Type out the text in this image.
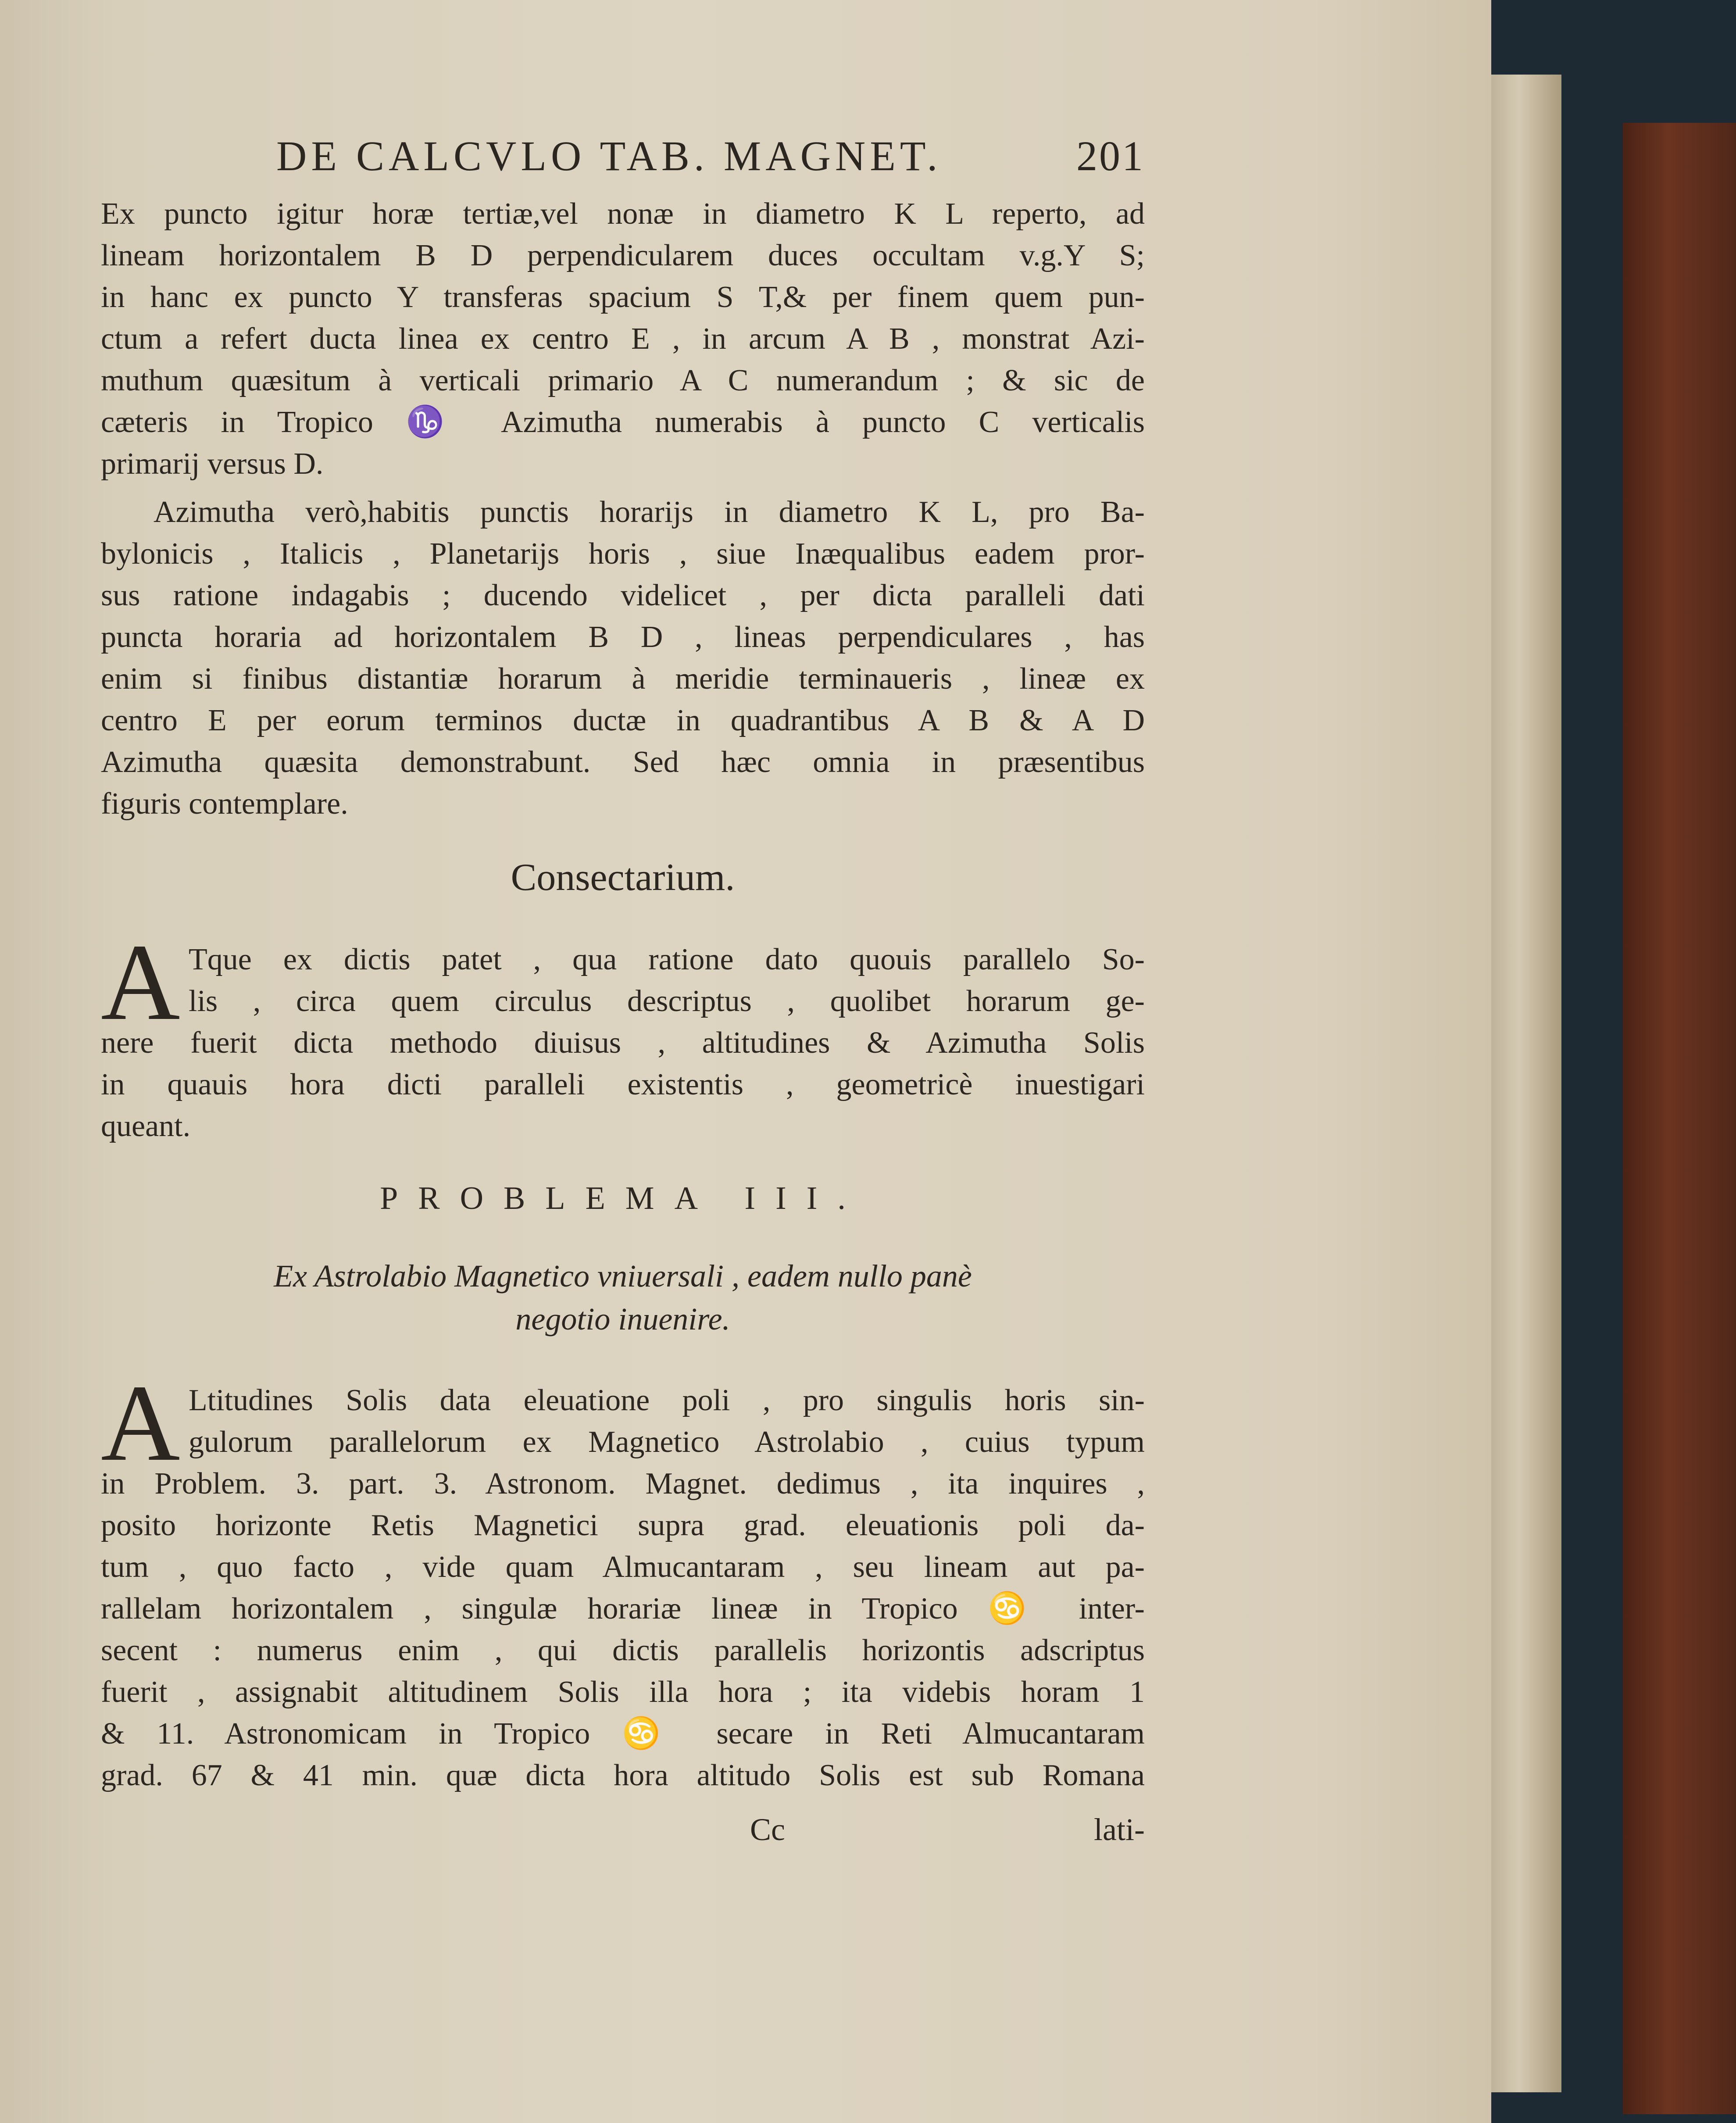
DE CALCVLO TAB. MAGNET.	201
Ex puncto igitur horæ tertiæ,vel nonæ in diametro K L reperto, ad
lineam horizontalem B D perpendicularem duces occultam v.g.Y S;
in hanc ex puncto Y transferas spacium S T,& per finem quem pun-
ctum a refert ducta linea ex centro E , in arcum A B , monstrat Azi-
muthum quæsitum à verticali primario A C numerandum ; & sic de
cæteris in Tropico ♑ Azimutha numerabis à puncto C verticalis
primarij versus D.
Azimutha verò,habitis punctis horarijs in diametro K L, pro Ba-
bylonicis , Italicis , Planetarijs horis , siue Inæqualibus eadem pror-
sus ratione indagabis ; ducendo videlicet , per dicta paralleli dati
puncta horaria ad horizontalem B D , lineas perpendiculares , has
enim si finibus distantiæ horarum à meridie terminaueris , lineæ ex
centro E per eorum terminos ductæ in quadrantibus A B & A D
Azimutha quæsita demonstrabunt. Sed hæc omnia in præsentibus
figuris contemplare.
Consectarium.
A Tque ex dictis patet , qua ratione dato quouis parallelo So-
lis , circa quem circulus descriptus , quolibet horarum ge-
nere fuerit dicta methodo diuisus , altitudines & Azimutha Solis
in quauis hora dicti paralleli existentis , geometricè inuestigari
queant.
PROBLEMA III.
Ex Astrolabio Magnetico vniuersali , eadem nullo panè
negotio inuenire.
A Ltitudines Solis data eleuatione poli , pro singulis horis sin-
gulorum parallelorum ex Magnetico Astrolabio , cuius typum
in Problem. 3. part. 3. Astronom. Magnet. dedimus , ita inquires ,
posito horizonte Retis Magnetici supra grad. eleuationis poli da-
tum , quo facto , vide quam Almucantaram , seu lineam aut pa-
rallelam horizontalem , singulæ horariæ lineæ in Tropico ♋ inter-
secent : numerus enim , qui dictis parallelis horizontis adscriptus
fuerit , assignabit altitudinem Solis illa hora ; ita videbis horam 1
& 11. Astronomicam in Tropico ♋ secare in Reti Almucantaram
grad. 67 & 41 min. quæ dicta hora altitudo Solis est sub Romana
Cc	lati-
